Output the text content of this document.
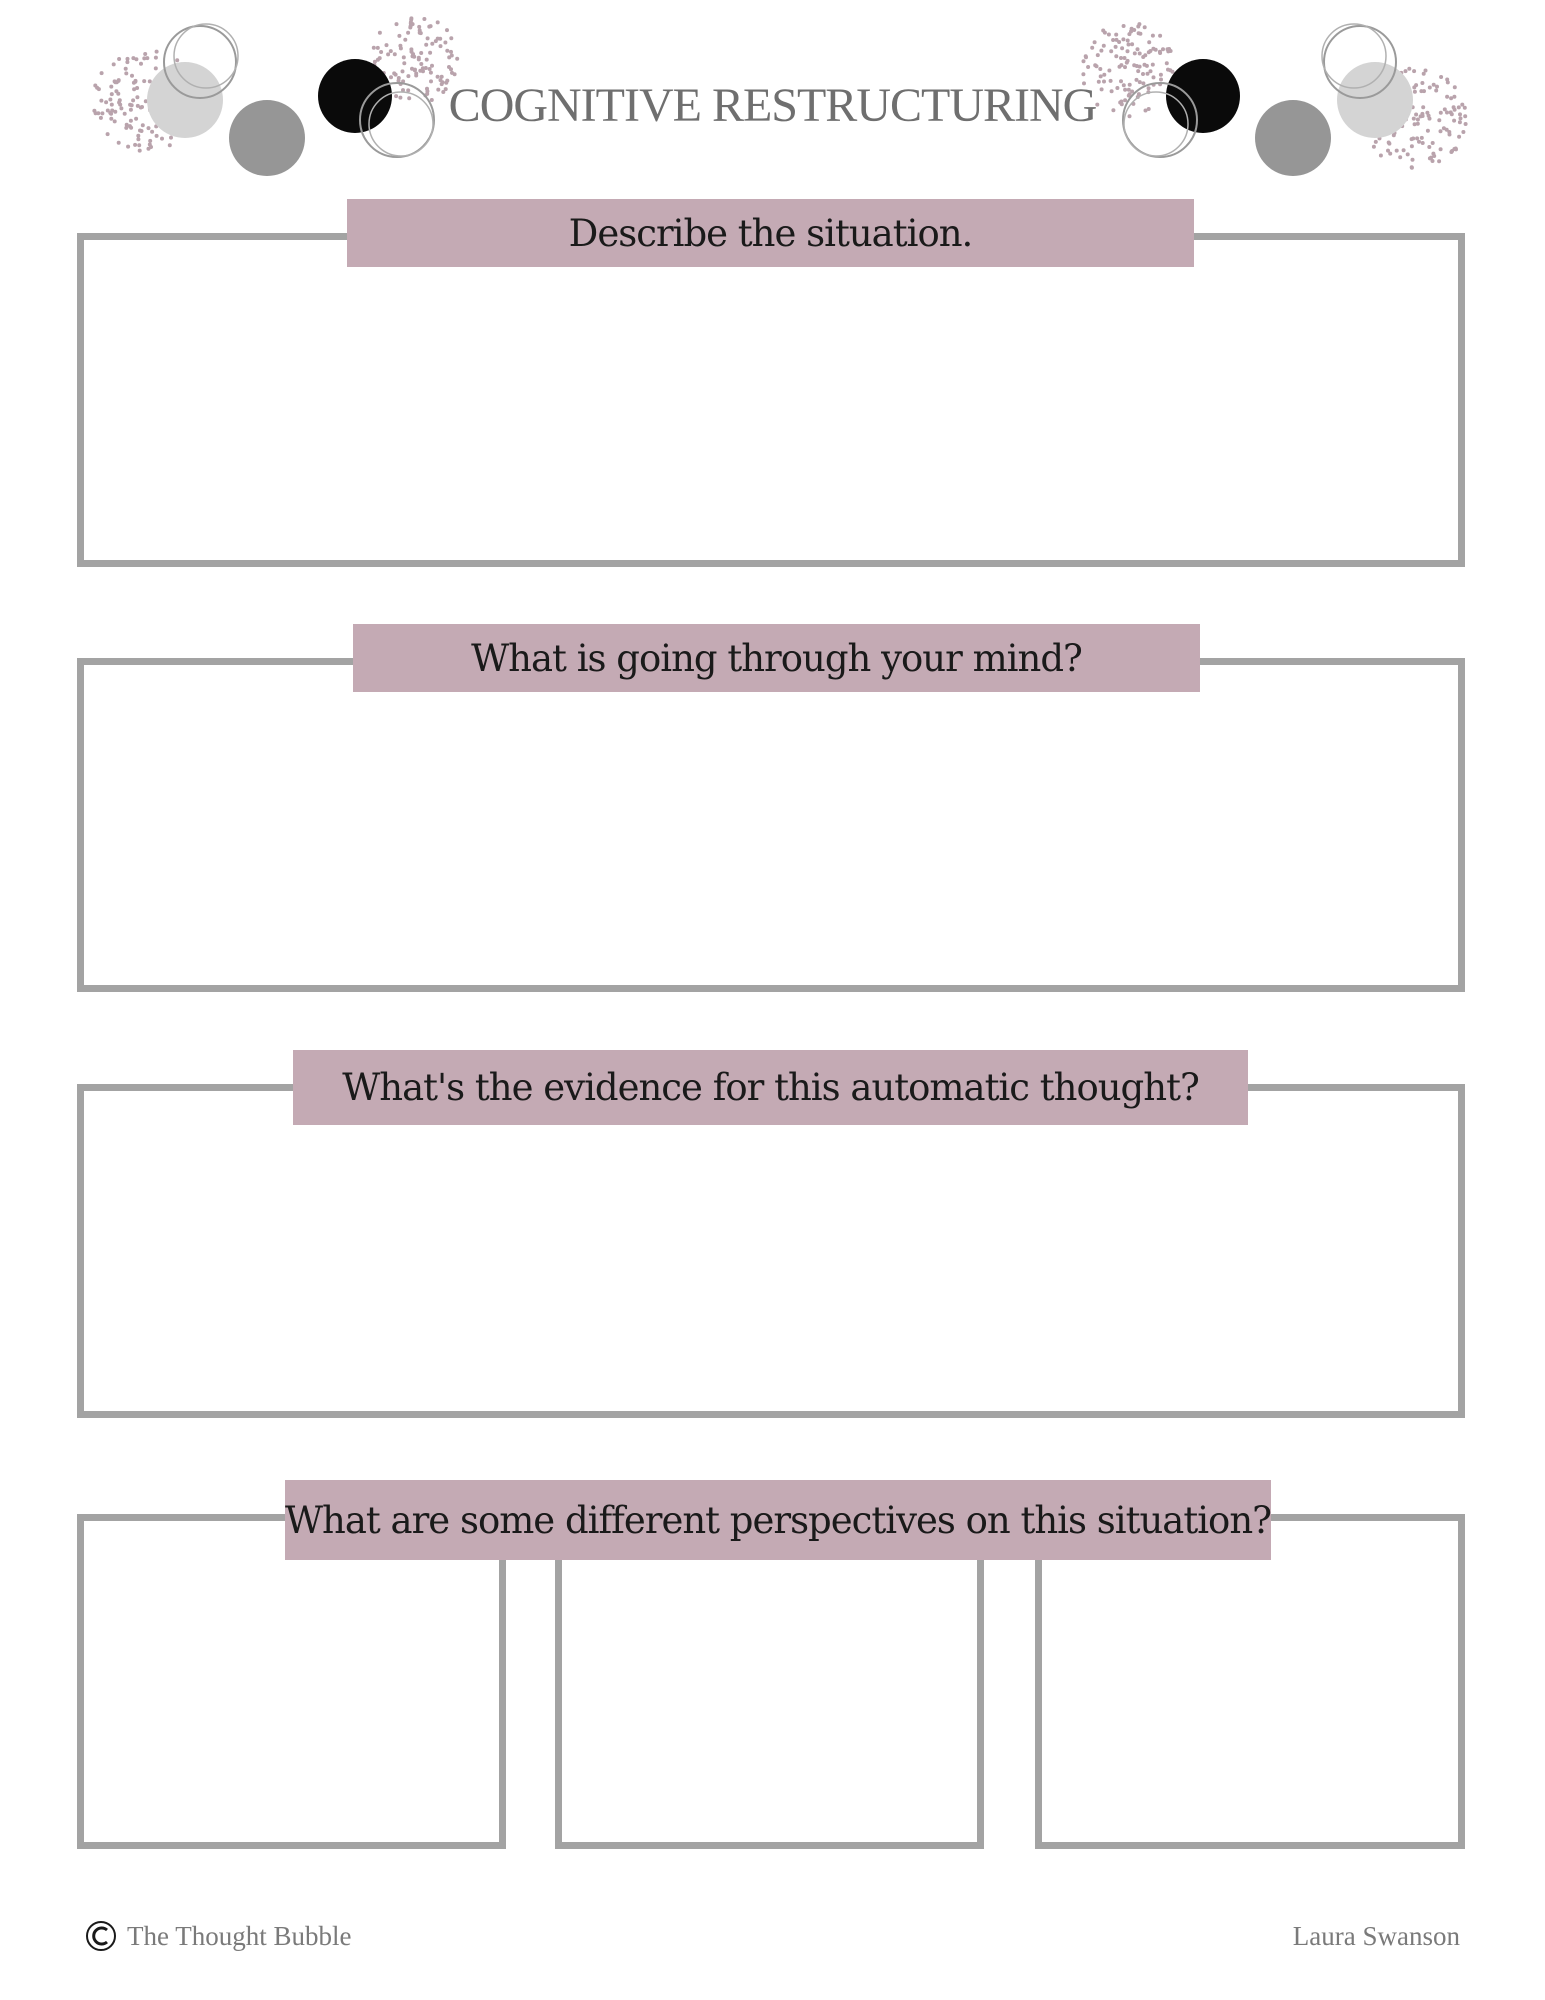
COGNITIVE RESTRUCTURING
Describe the situation.
What is going through your mind?
What's the evidence for this automatic thought?
What are some different perspectives on this situation?
The Thought Bubble	Laura Swanson
